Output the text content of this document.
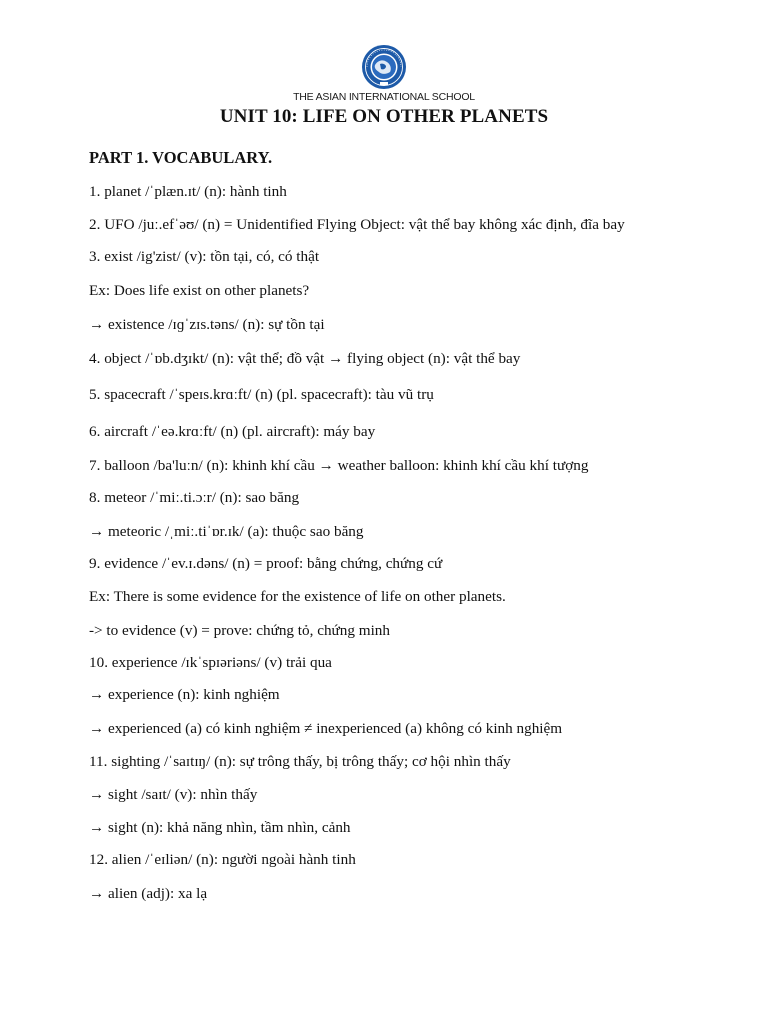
THE ASIAN INTERNATIONAL SCHOOL
UNIT 10: LIFE ON OTHER PLANETS
PART 1. VOCABULARY.
1. planet /ˈplæn.ɪt/ (n): hành tinh
2. UFO /juː.efˈəʊ/ (n) = Unidentified Flying Object: vật thể bay không xác định, đĩa bay
3. exist /ig'zist/ (v): tồn tại, có, có thật
Ex: Does life exist on other planets?
→ existence /ɪɡˈzɪs.təns/ (n): sự tồn tại
4. object /ˈɒb.dʒɪkt/ (n): vật thể; đồ vật → flying object (n): vật thể bay
5. spacecraft /ˈspeɪs.krɑːft/ (n) (pl. spacecraft): tàu vũ trụ
6. aircraft /ˈeə.krɑːft/ (n) (pl. aircraft): máy bay
7. balloon /ba'luːn/ (n): khinh khí cầu → weather balloon: khinh khí cầu khí tượng
8. meteor /ˈmiː.ti.ɔːr/ (n): sao băng
→ meteoric /ˌmiː.tiˈɒr.ɪk/ (a): thuộc sao băng
9. evidence /ˈev.ɪ.dəns/ (n) = proof: bằng chứng, chứng cứ
Ex: There is some evidence for the existence of life on other planets.
-> to evidence (v) = prove: chứng tỏ, chứng minh
10. experience /ɪkˈspɪəriəns/ (v) trải qua
→ experience (n): kinh nghiệm
→ experienced (a) có kinh nghiệm ≠ inexperienced (a) không có kinh nghiệm
11. sighting /ˈsaɪtɪŋ/ (n): sự trông thấy, bị trông thấy; cơ hội nhìn thấy
→ sight /saɪt/ (v): nhìn thấy
→ sight (n): khả năng nhìn, tầm nhìn, cảnh
12. alien /ˈeɪliən/ (n): người ngoài hành tinh
→ alien (adj): xa lạ
